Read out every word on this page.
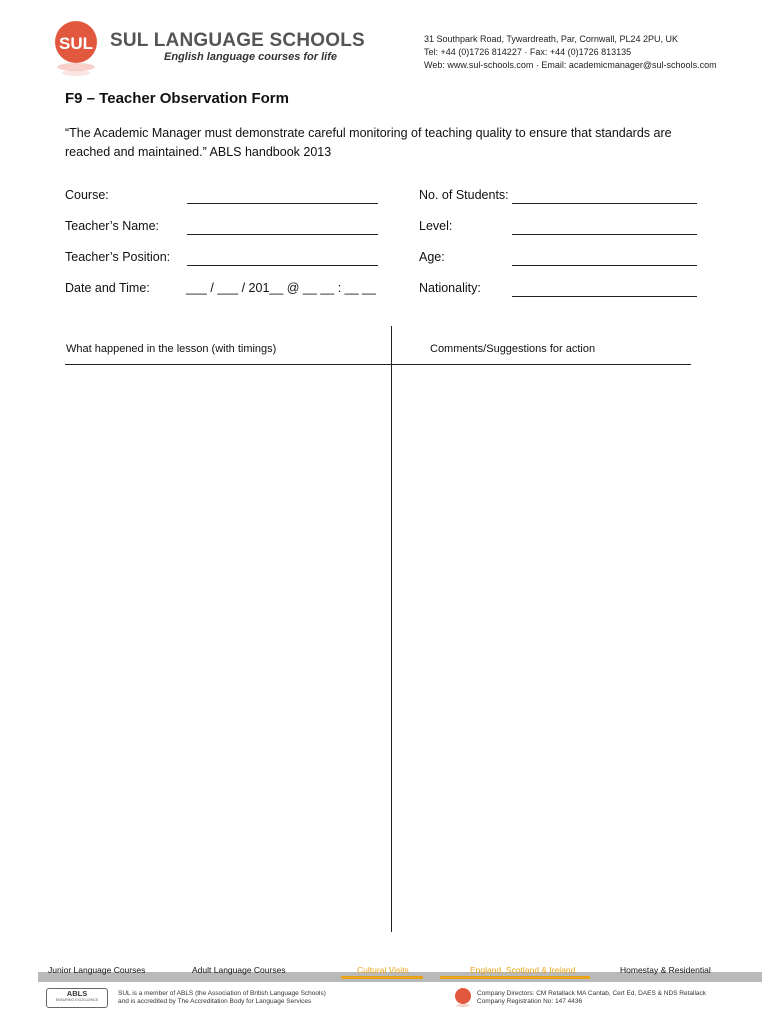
SUL SUL LANGUAGE SCHOOLS
English language courses for life
31 Southpark Road, Tywardreath, Par, Cornwall, PL24 2PU, UK
Tel: +44 (0)1726 814227 · Fax: +44 (0)1726 813135
Web: www.sul-schools.com · Email: academicmanager@sul-schools.com
F9 – Teacher Observation Form
“The Academic Manager must demonstrate careful monitoring of teaching quality to ensure that standards are reached and maintained.” ABLS handbook 2013
Course:
Teacher’s Name:
Teacher’s Position:
Date and Time:	___ / ___ / 201__ @ __ __ : __ __
No. of Students:
Level:
Age:
Nationality:
What happened in the lesson (with timings)	Comments/Suggestions for action
Junior Language Courses	Adult Language Courses	Cultural Visits	England, Scotland & Ireland	Homestay & Residential
ABLS
ENSURING EXCELLENCE
SUL is a member of ABLS (the Association of British Language Schools)
and is accredited by The Accreditation Body for Language Services
Company Directors: CM Retallack MA Cantab, Cert Ed, DAES & NDS Retallack
Company Registration No: 147 4436
